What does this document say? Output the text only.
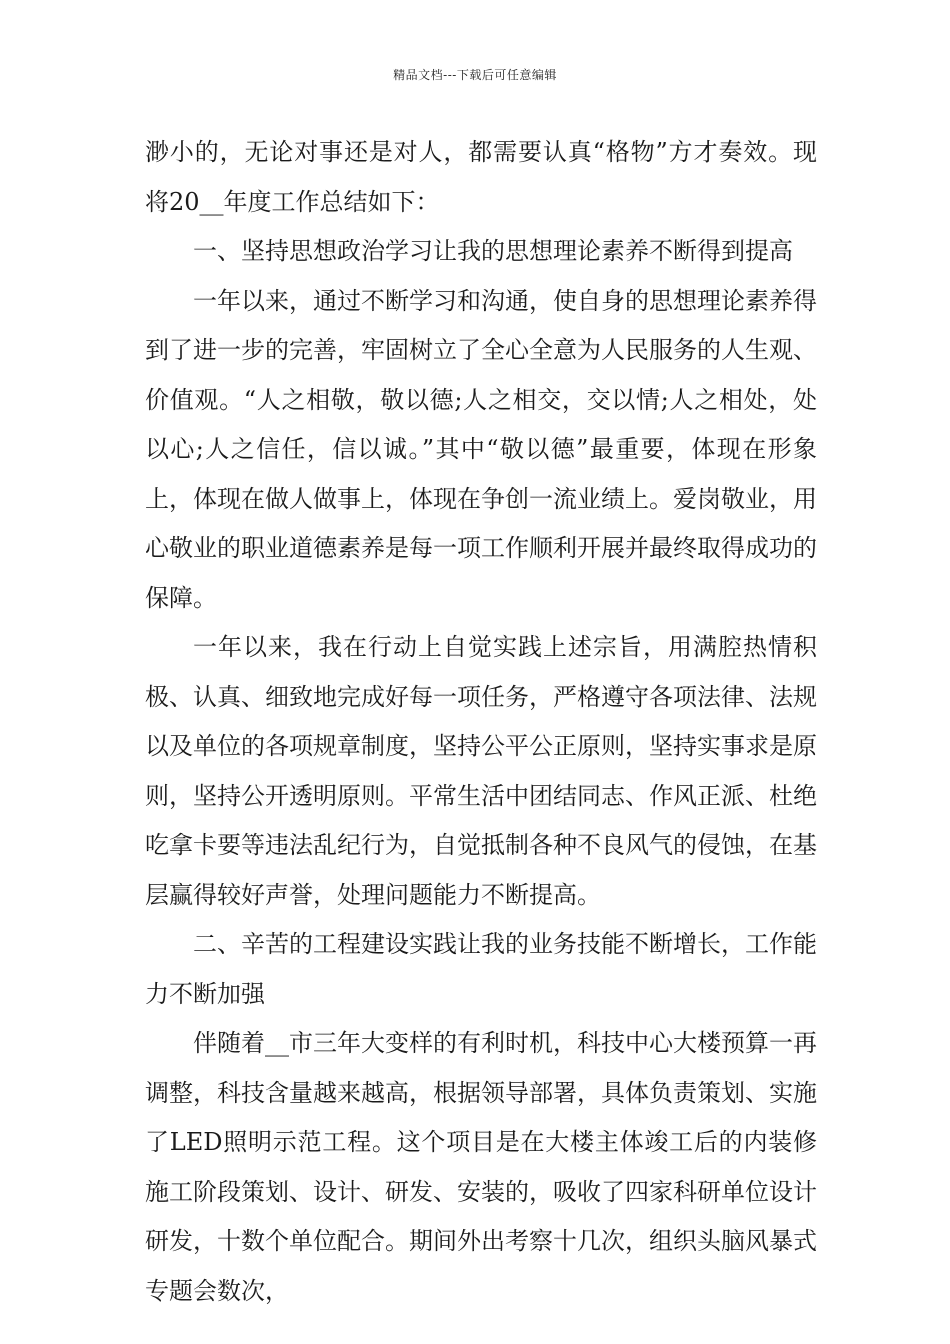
精品文档---下载后可任意编辑

渺小的，无论对事还是对人，都需要认真“格物”方才奏效。现将20__年度工作总结如下：

一、坚持思想政治学习让我的思想理论素养不断得到提高

一年以来，通过不断学习和沟通，使自身的思想理论素养得到了进一步的完善，牢固树立了全心全意为人民服务的人生观、价值观。“人之相敬，敬以德;人之相交，交以情;人之相处，处以心;人之信任，信以诚。”其中“敬以德”最重要，体现在形象上，体现在做人做事上，体现在争创一流业绩上。爱岗敬业，用心敬业的职业道德素养是每一项工作顺利开展并最终取得成功的保障。

一年以来，我在行动上自觉实践上述宗旨，用满腔热情积极、认真、细致地完成好每一项任务，严格遵守各项法律、法规以及单位的各项规章制度，坚持公平公正原则，坚持实事求是原则，坚持公开透明原则。平常生活中团结同志、作风正派、杜绝吃拿卡要等违法乱纪行为，自觉抵制各种不良风气的侵蚀，在基层赢得较好声誉，处理问题能力不断提高。

二、辛苦的工程建设实践让我的业务技能不断增长，工作能力不断加强

伴随着__市三年大变样的有利时机，科技中心大楼预算一再调整，科技含量越来越高，根据领导部署，具体负责策划、实施了LED照明示范工程。这个项目是在大楼主体竣工后的内装修施工阶段策划、设计、研发、安装的，吸收了四家科研单位设计研发，十数个单位配合。期间外出考察十几次，组织头脑风暴式专题会数次，
